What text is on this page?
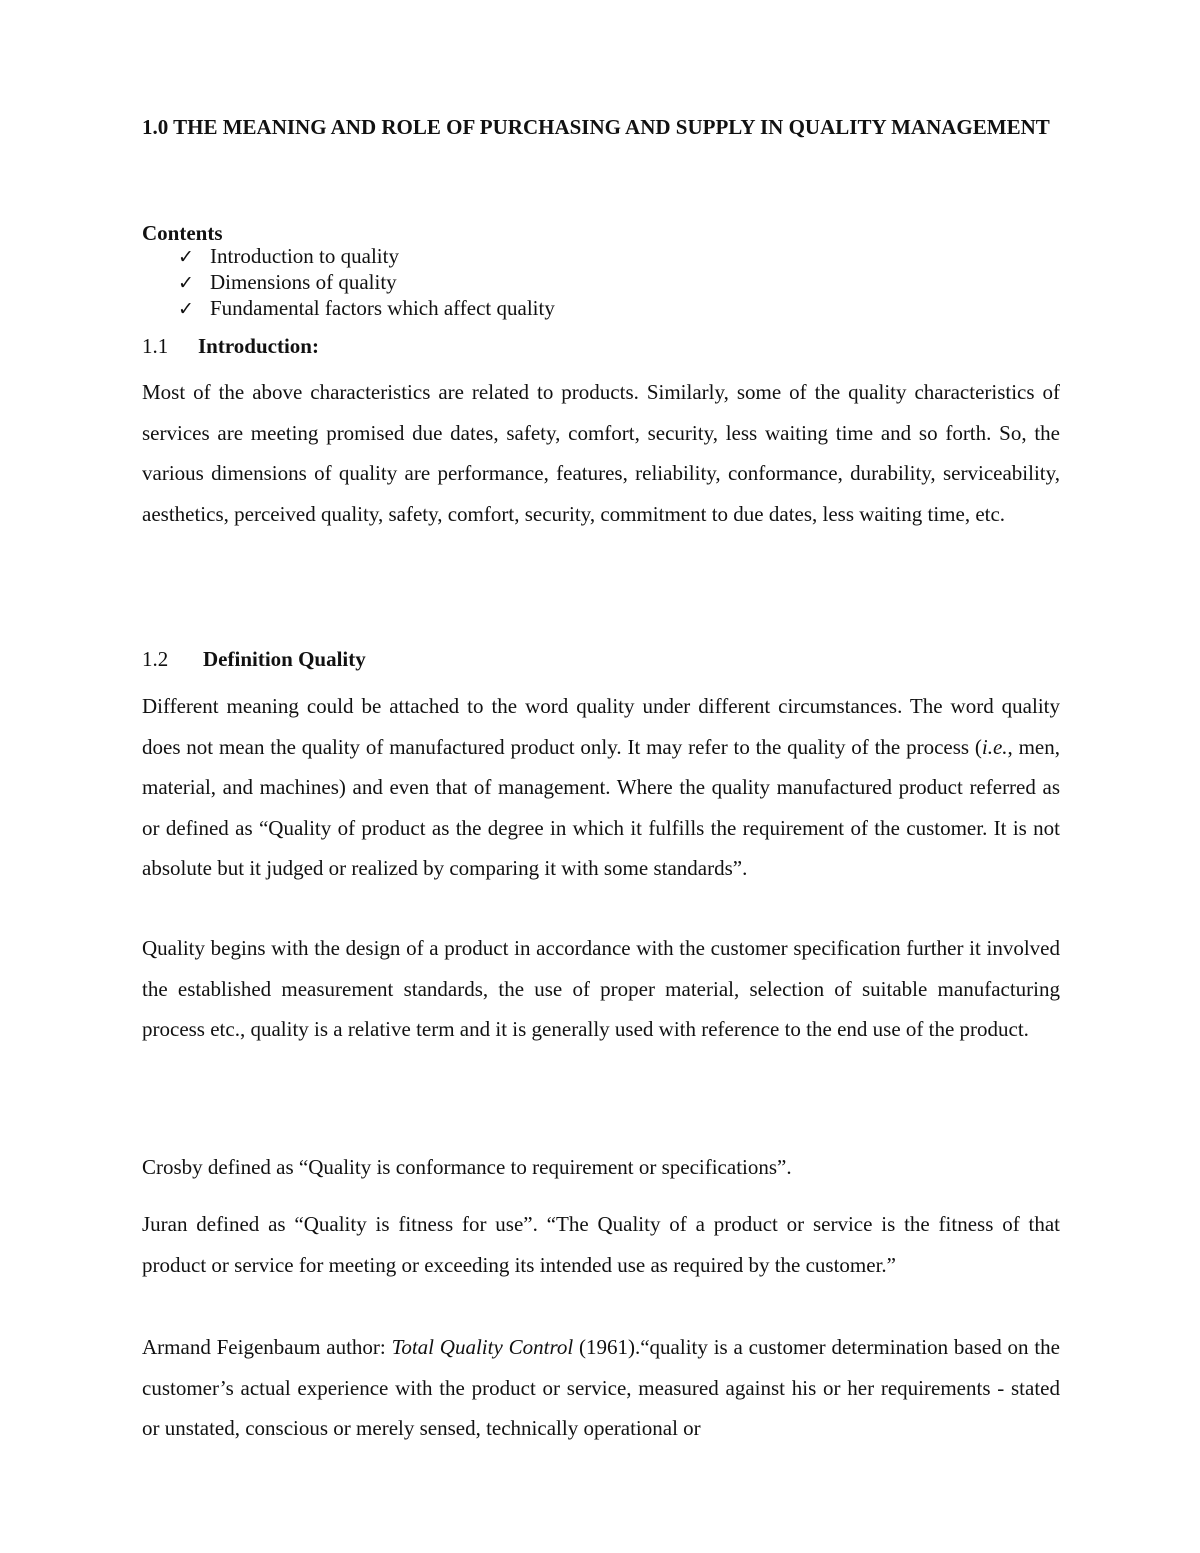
1.0 THE MEANING AND ROLE OF PURCHASING AND SUPPLY IN QUALITY MANAGEMENT
Contents
✓ Introduction to quality
✓ Dimensions of quality
✓ Fundamental factors which affect quality
1.1 Introduction:

Most of the above characteristics are related to products. Similarly, some of the quality characteristics of services are meeting promised due dates, safety, comfort, security, less waiting time and so forth. So, the various dimensions of quality are performance, features, reliability, conformance, durability, serviceability, aesthetics, perceived quality, safety, comfort, security, commitment to due dates, less waiting time, etc.

1.2 Definition Quality

Different meaning could be attached to the word quality under different circumstances. The word quality does not mean the quality of manufactured product only. It may refer to the quality of the process (i.e., men, material, and machines) and even that of management. Where the quality manufactured product referred as or defined as “Quality of product as the degree in which it fulfills the requirement of the customer. It is not absolute but it judged or realized by comparing it with some standards”.

Quality begins with the design of a product in accordance with the customer specification further it involved the established measurement standards, the use of proper material, selection of suitable manufacturing process etc., quality is a relative term and it is generally used with reference to the end use of the product.

Crosby defined as “Quality is conformance to requirement or specifications”.

Juran defined as “Quality is fitness for use”. “The Quality of a product or service is the fitness of that product or service for meeting or exceeding its intended use as required by the customer.”

Armand Feigenbaum author: Total Quality Control (1961).“quality is a customer determination based on the customer’s actual experience with the product or service, measured against his or her requirements - stated or unstated, conscious or merely sensed, technically operational or
